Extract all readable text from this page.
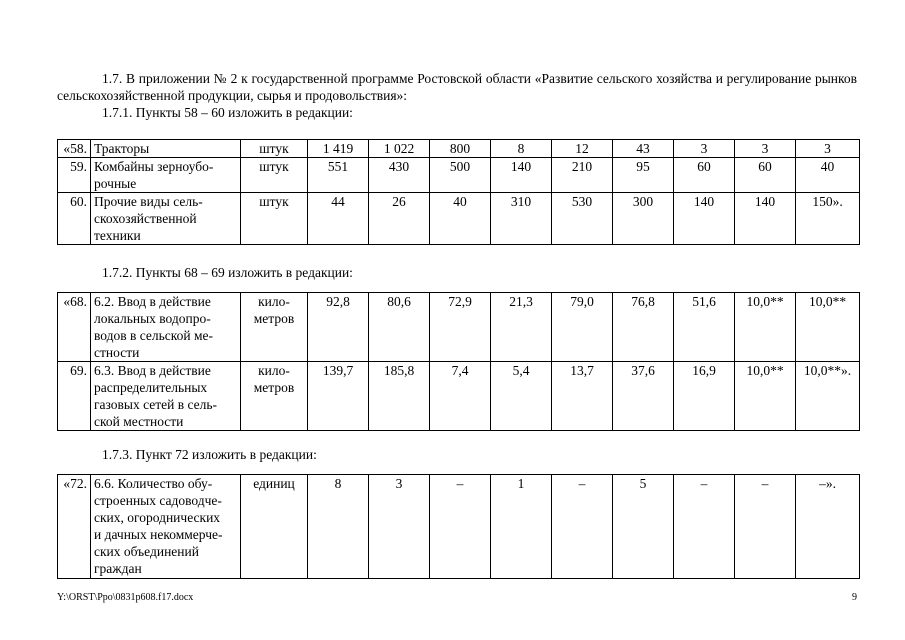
1.7. В приложении № 2 к государственной программе Ростовской области «Развитие сельского хозяйства и регулирование рынков сельскохозяйственной продукции, сырья и продовольствия»:

1.7.1. Пункты 58 – 60 изложить в редакции:

«58.	Тракторы	штук	1 419	1 022	800	8	12	43	3	3	3
59.	Комбайны зерноубо-
рочные	штук	551	430	500	140	210	95	60	60	40
60.	Прочие виды сель-
скохозяйственной
техники	штук	44	26	40	310	530	300	140	140	150».

1.7.2. Пункты 68 – 69 изложить в редакции:

«68.	6.2. Ввод в действие
локальных водопро-
водов в сельской ме-
стности	кило-
метров	92,8	80,6	72,9	21,3	79,0	76,8	51,6	10,0**	10,0**
69.	6.3. Ввод в действие
распределительных
газовых сетей в сель-
ской местности	кило-
метров	139,7	185,8	7,4	5,4	13,7	37,6	16,9	10,0**	10,0**».

1.7.3. Пункт 72 изложить в редакции:

«72.	6.6. Количество обу-
строенных садоводче-
ских, огороднических
и дачных некоммерче-
ских объединений
граждан	единиц	8	3	–	1	–	5	–	–	–».
Y:\ORST\Ppo\0831p608.f17.docx	9
